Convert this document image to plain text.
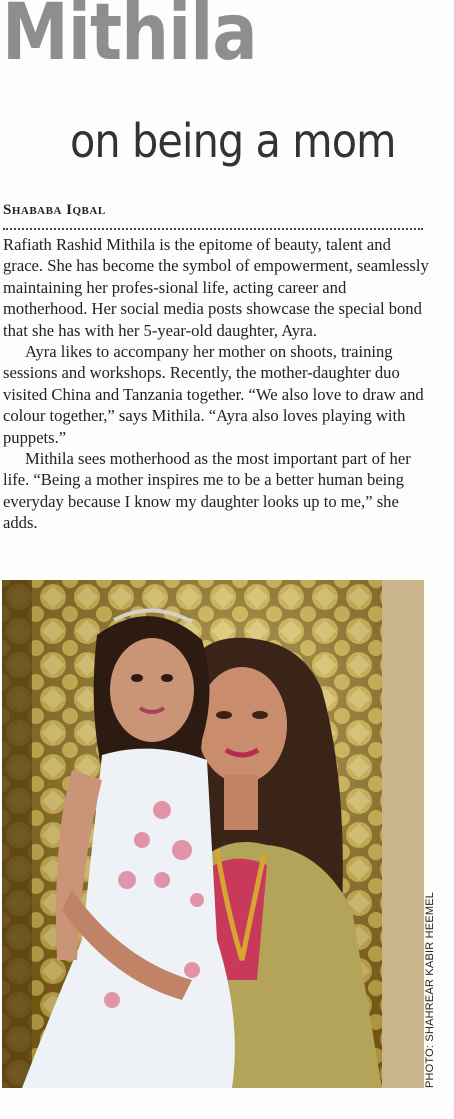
Mithila
on being a mom
Shababa Iqbal

Rafiath Rashid Mithila is the epitome of beauty, talent and grace. She has become the symbol of empowerment, seamlessly maintaining her profes-sional life, acting career and motherhood. Her social media posts showcase the special bond that she has with her 5-year-old daughter, Ayra.

Ayra likes to accompany her mother on shoots, training sessions and workshops. Recently, the mother-daughter duo visited China and Tanzania together. “We also love to draw and colour together,” says Mithila. “Ayra also loves playing with puppets.”

Mithila sees motherhood as the most important part of her life. “Being a mother inspires me to be a better human being everyday because I know my daughter looks up to me,” she adds.

PHOTO: SHAHREAR KABIR HEEMEL
